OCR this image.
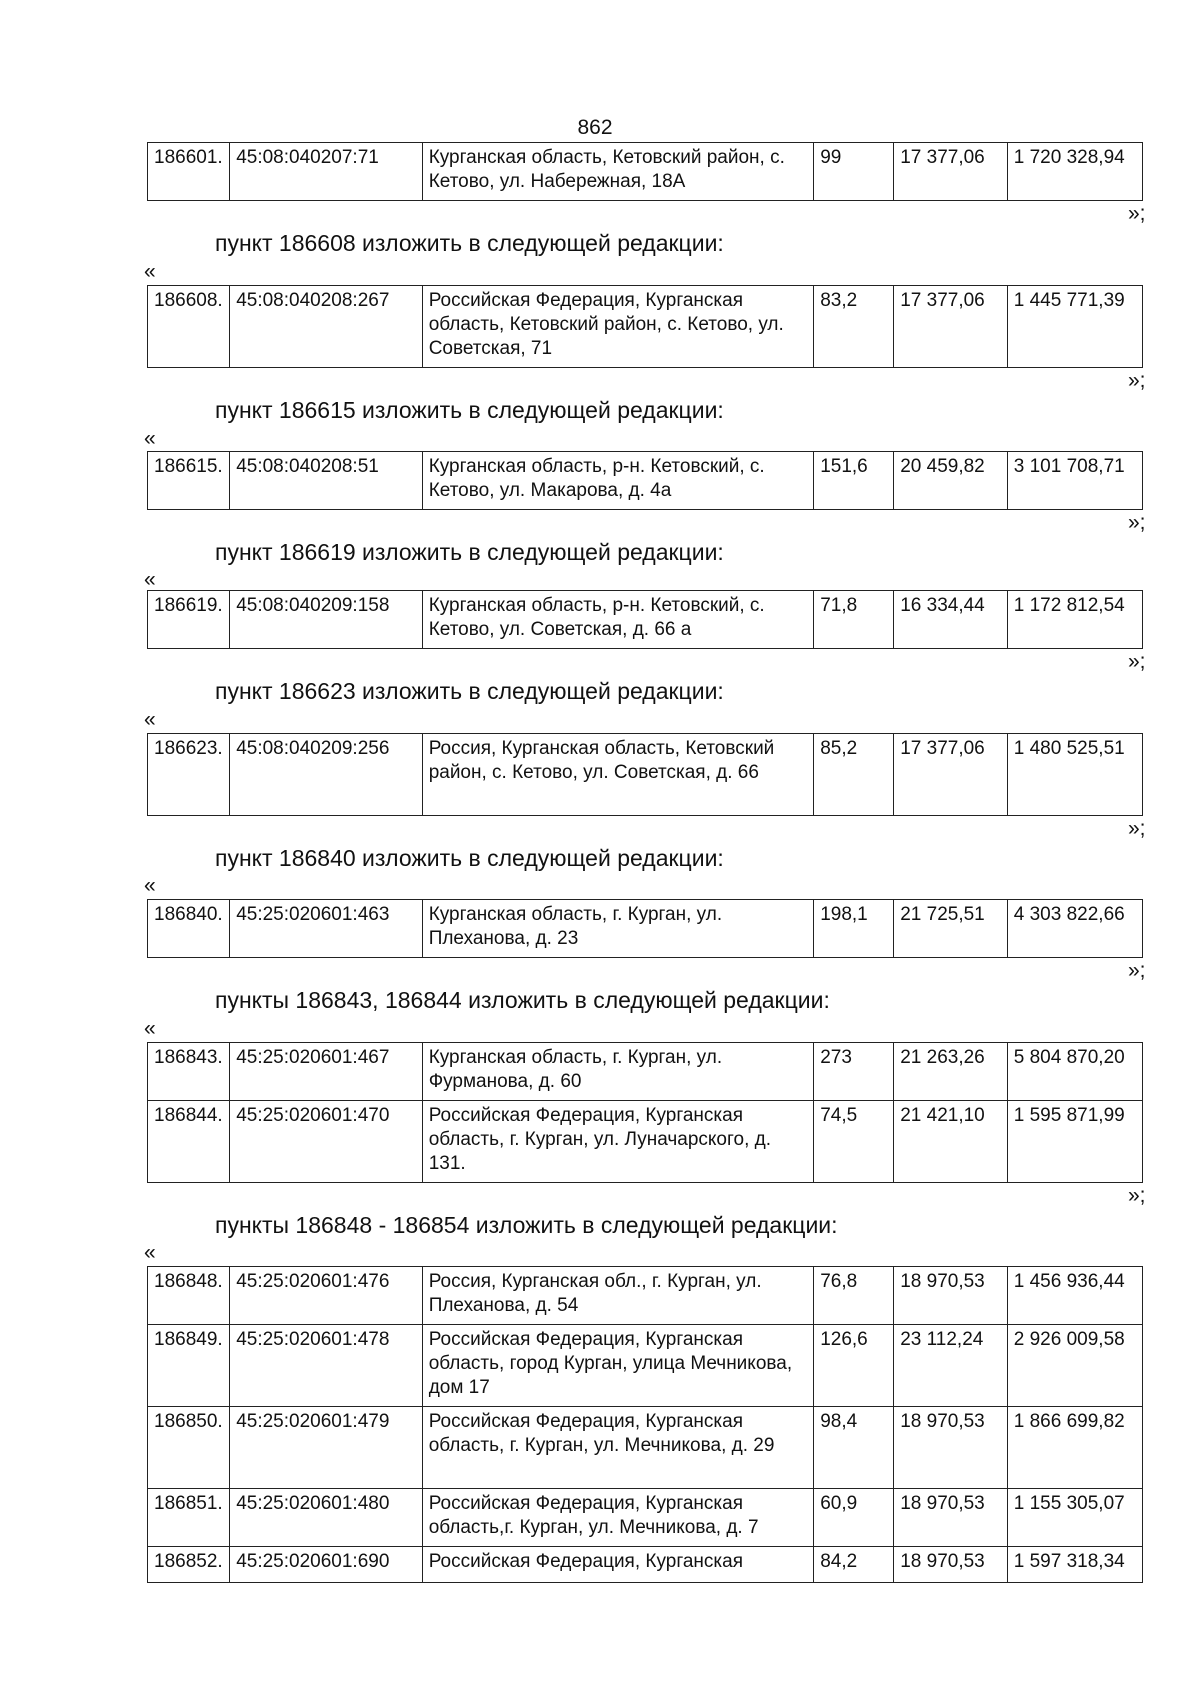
862
186601.	45:08:040207:71	Курганская область, Кетовский район, с. Кетово, ул. Набережная, 18А	99	17 377,06	1 720 328,94
»;
пункт 186608 изложить в следующей редакции:
«
186608.	45:08:040208:267	Российская Федерация, Курганская область, Кетовский район, с. Кетово, ул. Советская, 71	83,2	17 377,06	1 445 771,39
»;
пункт 186615 изложить в следующей редакции:
«
186615.	45:08:040208:51	Курганская область, р-н. Кетовский, с. Кетово, ул. Макарова, д. 4а	151,6	20 459,82	3 101 708,71
»;
пункт 186619 изложить в следующей редакции:
«
186619.	45:08:040209:158	Курганская область, р-н. Кетовский, с. Кетово, ул. Советская, д. 66 а	71,8	16 334,44	1 172 812,54
»;
пункт 186623 изложить в следующей редакции:
«
186623.	45:08:040209:256	Россия, Курганская область, Кетовский район, с. Кетово, ул. Советская, д. 66	85,2	17 377,06	1 480 525,51
»;
пункт 186840 изложить в следующей редакции:
«
186840.	45:25:020601:463	Курганская область, г. Курган, ул. Плеханова, д. 23	198,1	21 725,51	4 303 822,66
»;
пункты 186843, 186844 изложить в следующей редакции:
«
186843.	45:25:020601:467	Курганская область, г. Курган, ул. Фурманова, д. 60	273	21 263,26	5 804 870,20
186844.	45:25:020601:470	Российская Федерация, Курганская область, г. Курган, ул. Луначарского, д. 131.	74,5	21 421,10	1 595 871,99
»;
пункты 186848 - 186854 изложить в следующей редакции:
«
186848.	45:25:020601:476	Россия, Курганская обл., г. Курган, ул. Плеханова, д. 54	76,8	18 970,53	1 456 936,44
186849.	45:25:020601:478	Российская Федерация, Курганская область, город Курган, улица Мечникова, дом 17	126,6	23 112,24	2 926 009,58
186850.	45:25:020601:479	Российская Федерация, Курганская область, г. Курган, ул. Мечникова, д. 29	98,4	18 970,53	1 866 699,82
186851.	45:25:020601:480	Российская Федерация, Курганская область,г. Курган, ул. Мечникова, д. 7	60,9	18 970,53	1 155 305,07
186852.	45:25:020601:690	Российская Федерация, Курганская	84,2	18 970,53	1 597 318,34
